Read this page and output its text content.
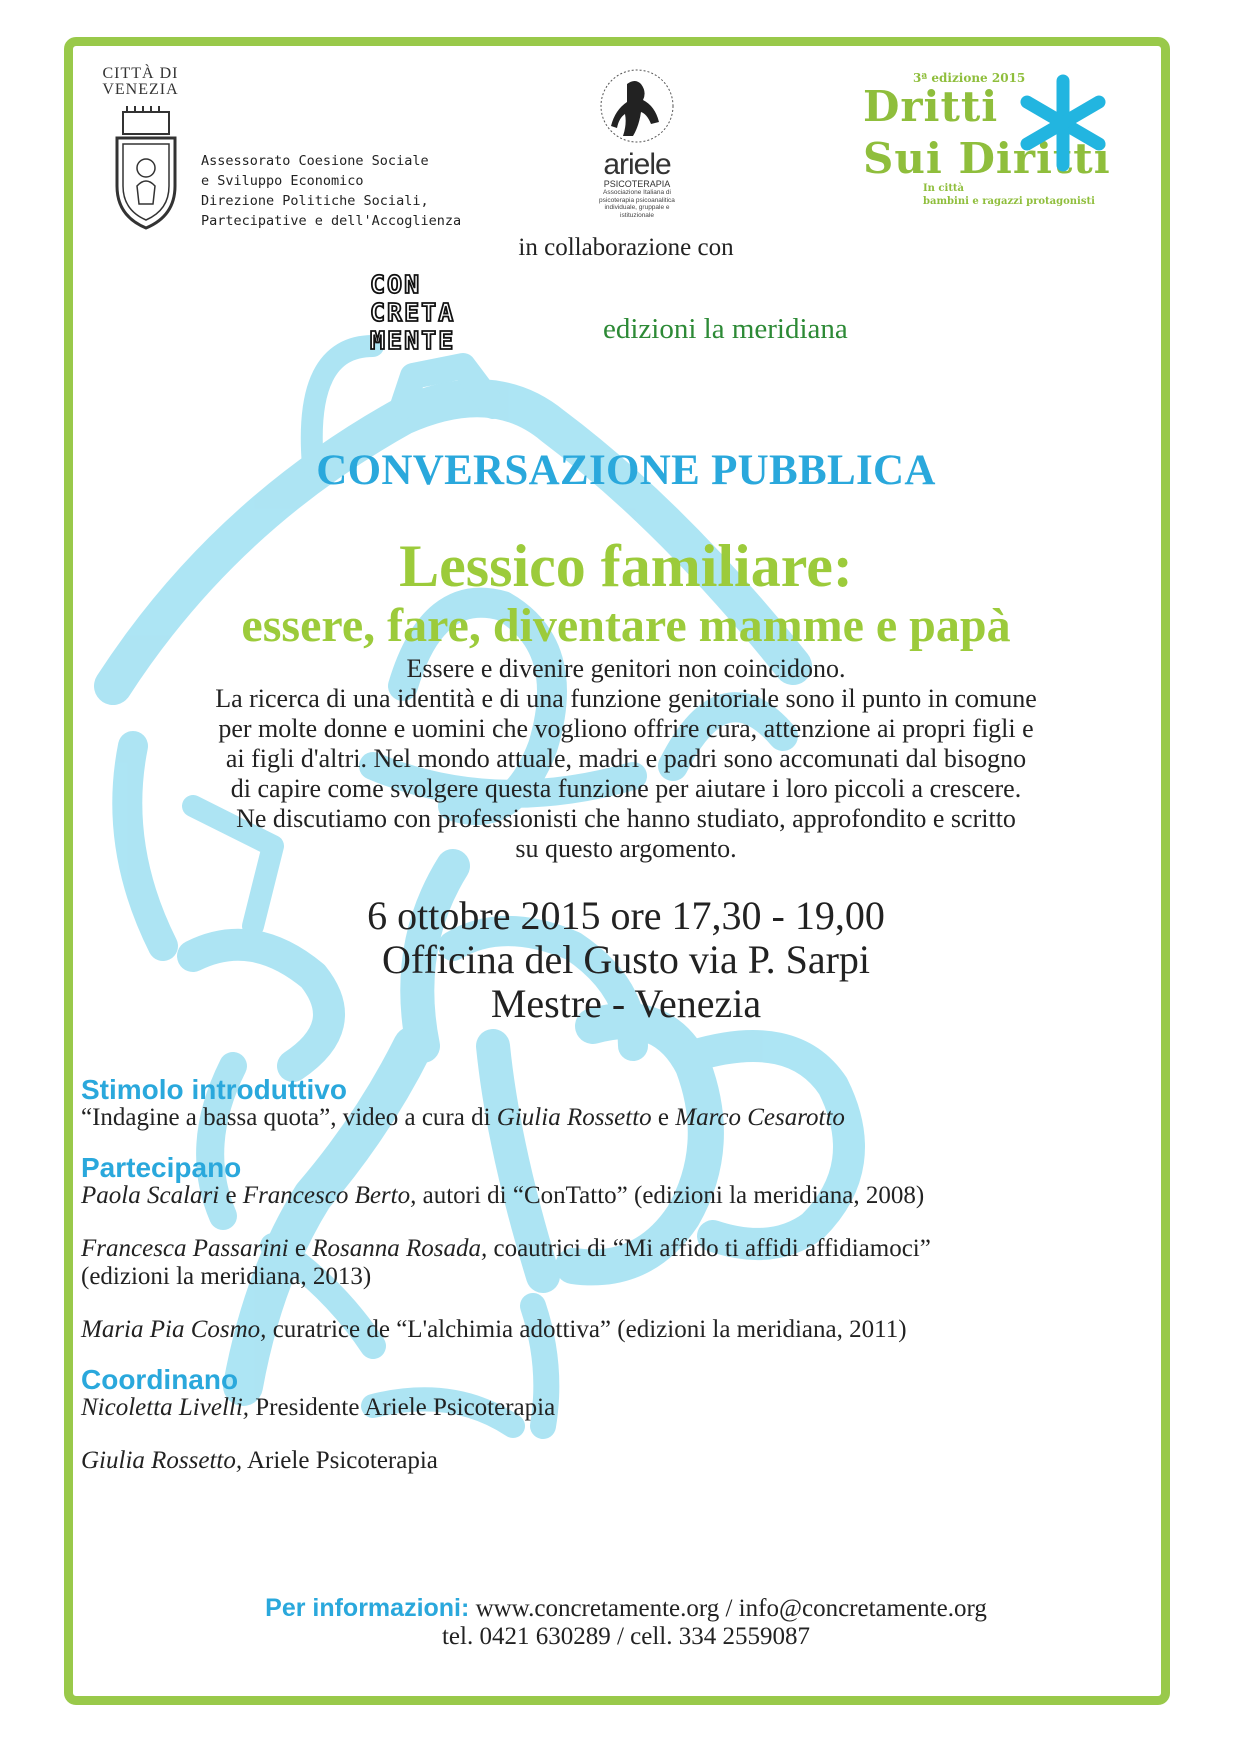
CITTÀ DI
VENEZIA
Assessorato Coesione Sociale
e Sviluppo Economico
Direzione Politiche Sociali,
Partecipative e dell'Accoglienza
ariele
PSICOTERAPIA
Associazione Italiana di
psicoterapia psicoanalitica
individuale, gruppale e
istituzionale
3ª edizione 2015
Dritti
Sui Diritti
In città
bambini e ragazzi protagonisti
in collaborazione con
CON
CRETA
MENTE	edizioni la meridiana
CONVERSAZIONE PUBBLICA
Lessico familiare:
essere, fare, diventare mamme e papà
Essere e divenire genitori non coincidono.
La ricerca di una identità e di una funzione genitoriale sono il punto in comune
per molte donne e uomini che vogliono offrire cura, attenzione ai propri figli e
ai figli d'altri. Nel mondo attuale, madri e padri sono accomunati dal bisogno
di capire come svolgere questa funzione per aiutare i loro piccoli a crescere.
Ne discutiamo con professionisti che hanno studiato, approfondito e scritto
su questo argomento.
6 ottobre 2015 ore 17,30 - 19,00
Officina del Gusto via P. Sarpi
Mestre - Venezia
Stimolo introduttivo
“Indagine a bassa quota”, video a cura di Giulia Rossetto e Marco Cesarotto
Partecipano
Paola Scalari e Francesco Berto, autori di “ConTatto” (edizioni la meridiana, 2008)
Francesca Passarini e Rosanna Rosada, coautrici di “Mi affido ti affidi affidiamoci”
(edizioni la meridiana, 2013)
Maria Pia Cosmo, curatrice de “L'alchimia adottiva” (edizioni la meridiana, 2011)
Coordinano
Nicoletta Livelli, Presidente Ariele Psicoterapia
Giulia Rossetto, Ariele Psicoterapia
Per informazioni: www.concretamente.org / info@concretamente.org
tel. 0421 630289 / cell. 334 2559087
